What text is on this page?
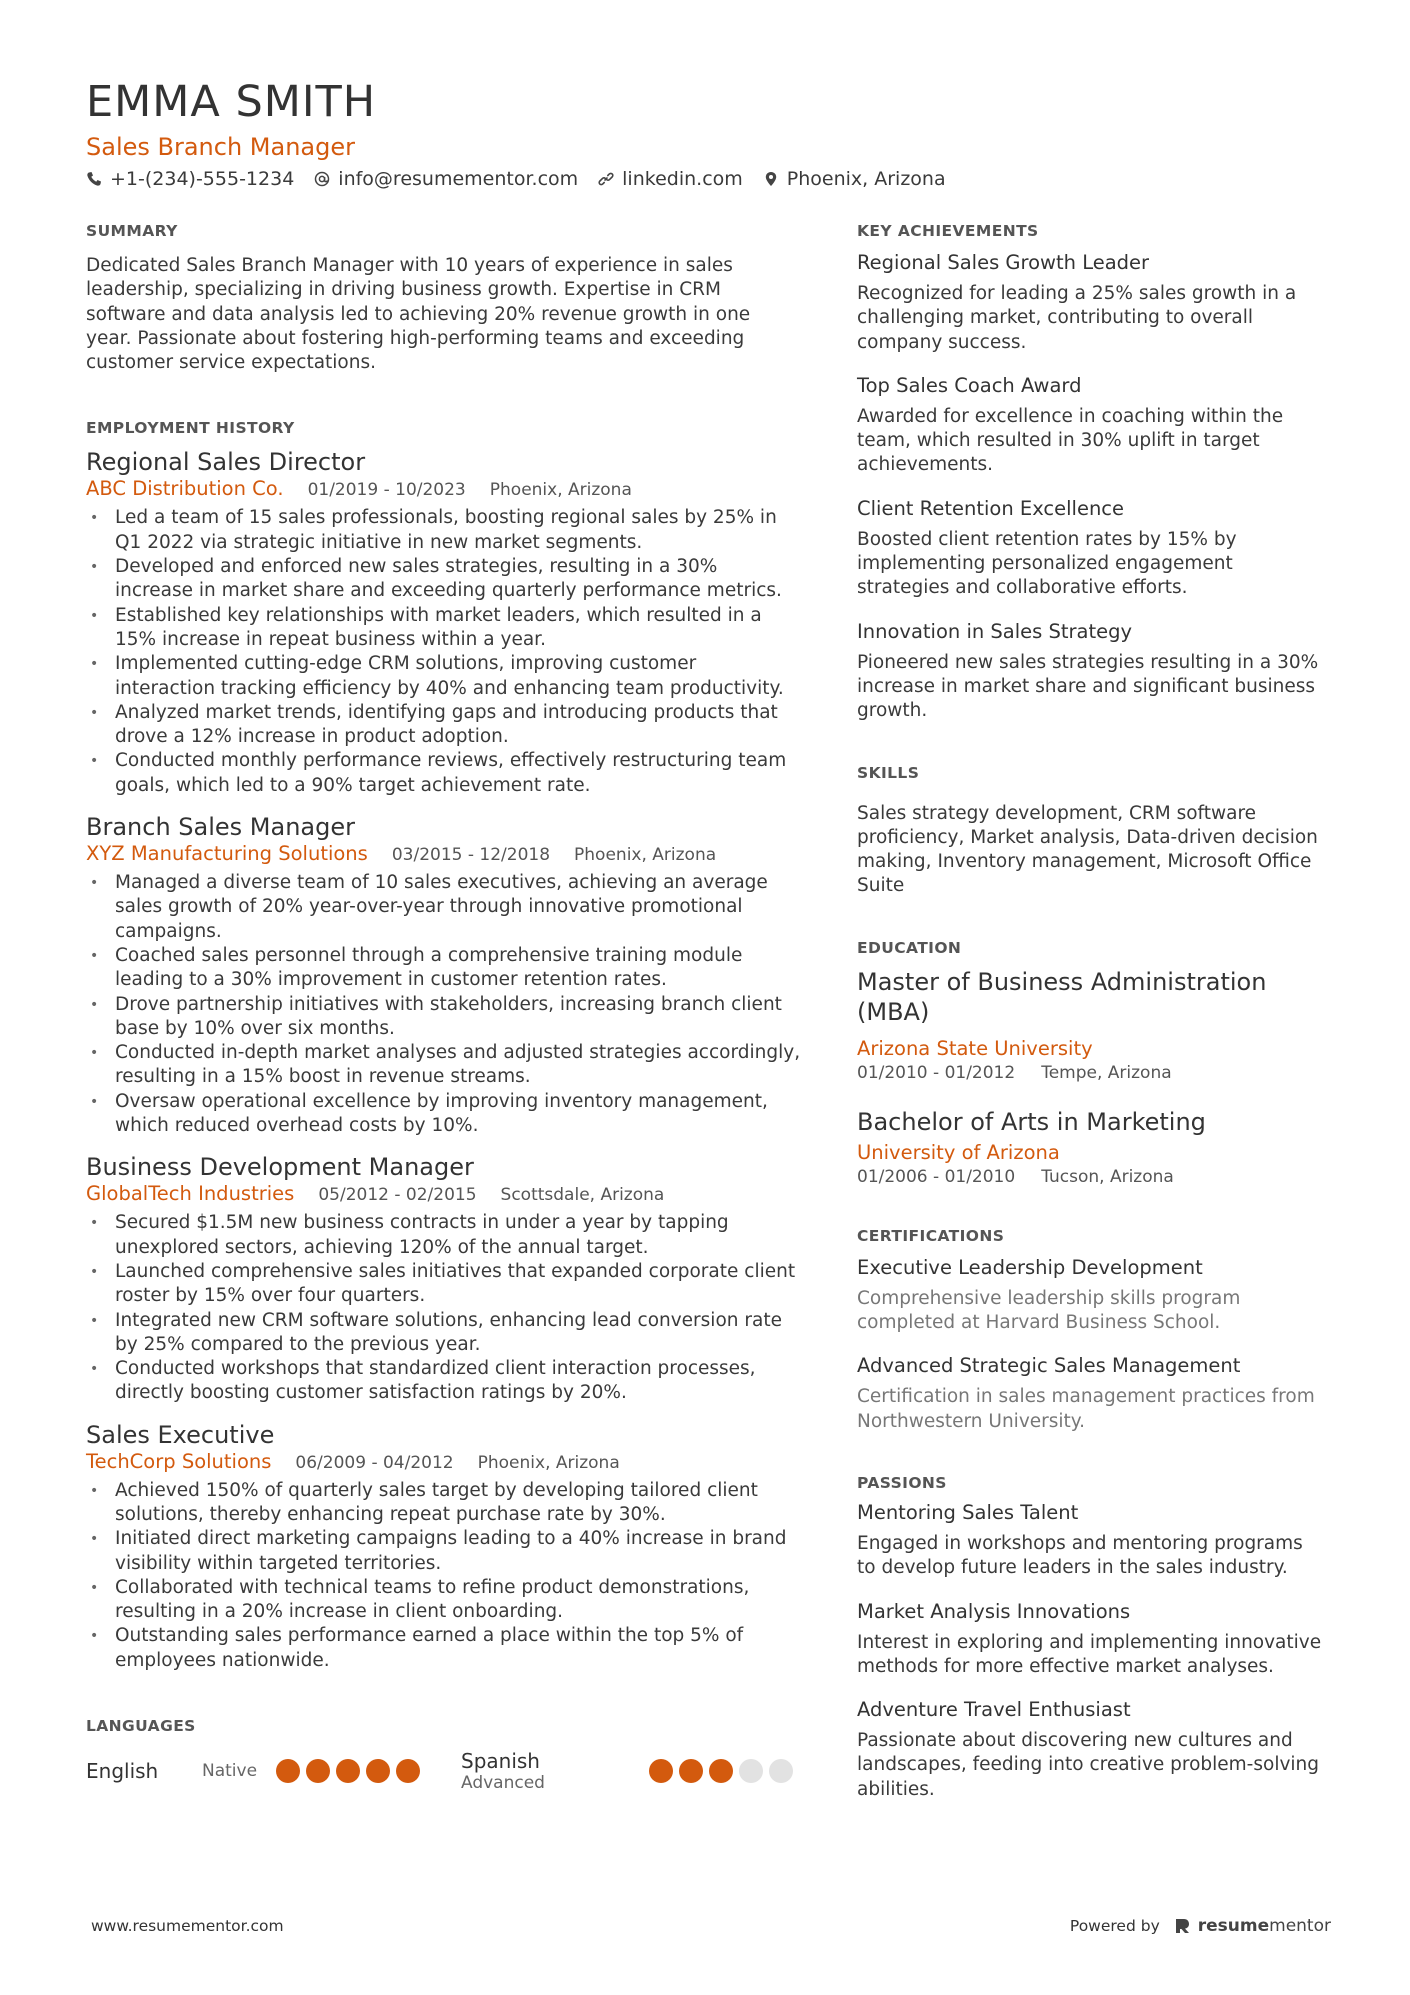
EMMA SMITH
Sales Branch Manager
+1-(234)-555-1234 info@resumementor.com linkedin.com Phoenix, Arizona
SUMMARY

Dedicated Sales Branch Manager with 10 years of experience in sales leadership, specializing in driving business growth. Expertise in CRM software and data analysis led to achieving 20% revenue growth in one year. Passionate about fostering high-performing teams and exceeding customer service expectations.

EMPLOYMENT HISTORY
Regional Sales Director
ABC Distribution Co. 01/2019 - 10/2023 Phoenix, Arizona
• Led a team of 15 sales professionals, boosting regional sales by 25% in Q1 2022 via strategic initiative in new market segments.
• Developed and enforced new sales strategies, resulting in a 30% increase in market share and exceeding quarterly performance metrics.
• Established key relationships with market leaders, which resulted in a 15% increase in repeat business within a year.
• Implemented cutting-edge CRM solutions, improving customer interaction tracking efficiency by 40% and enhancing team productivity.
• Analyzed market trends, identifying gaps and introducing products that drove a 12% increase in product adoption.
• Conducted monthly performance reviews, effectively restructuring team goals, which led to a 90% target achievement rate.
Branch Sales Manager
XYZ Manufacturing Solutions 03/2015 - 12/2018 Phoenix, Arizona
• Managed a diverse team of 10 sales executives, achieving an average sales growth of 20% year-over-year through innovative promotional campaigns.
• Coached sales personnel through a comprehensive training module leading to a 30% improvement in customer retention rates.
• Drove partnership initiatives with stakeholders, increasing branch client base by 10% over six months.
• Conducted in-depth market analyses and adjusted strategies accordingly, resulting in a 15% boost in revenue streams.
• Oversaw operational excellence by improving inventory management, which reduced overhead costs by 10%.
Business Development Manager
GlobalTech Industries 05/2012 - 02/2015 Scottsdale, Arizona
• Secured $1.5M new business contracts in under a year by tapping unexplored sectors, achieving 120% of the annual target.
• Launched comprehensive sales initiatives that expanded corporate client roster by 15% over four quarters.
• Integrated new CRM software solutions, enhancing lead conversion rate by 25% compared to the previous year.
• Conducted workshops that standardized client interaction processes, directly boosting customer satisfaction ratings by 20%.
Sales Executive
TechCorp Solutions 06/2009 - 04/2012 Phoenix, Arizona
• Achieved 150% of quarterly sales target by developing tailored client solutions, thereby enhancing repeat purchase rate by 30%.
• Initiated direct marketing campaigns leading to a 40% increase in brand visibility within targeted territories.
• Collaborated with technical teams to refine product demonstrations, resulting in a 20% increase in client onboarding.
• Outstanding sales performance earned a place within the top 5% of employees nationwide.
LANGUAGES
English	Native	Spanish
Advanced
KEY ACHIEVEMENTS
Regional Sales Growth Leader
Recognized for leading a 25% sales growth in a challenging market, contributing to overall company success.
Top Sales Coach Award
Awarded for excellence in coaching within the team, which resulted in 30% uplift in target achievements.
Client Retention Excellence
Boosted client retention rates by 15% by implementing personalized engagement strategies and collaborative efforts.
Innovation in Sales Strategy
Pioneered new sales strategies resulting in a 30% increase in market share and significant business growth.
SKILLS

Sales strategy development, CRM software proficiency, Market analysis, Data-driven decision making, Inventory management, Microsoft Office Suite

EDUCATION
Master of Business Administration (MBA)
Arizona State University
01/2010 - 01/2012 Tempe, Arizona
Bachelor of Arts in Marketing
University of Arizona
01/2006 - 01/2010 Tucson, Arizona
CERTIFICATIONS
Executive Leadership Development
Comprehensive leadership skills program completed at Harvard Business School.
Advanced Strategic Sales Management
Certification in sales management practices from Northwestern University.
PASSIONS
Mentoring Sales Talent
Engaged in workshops and mentoring programs to develop future leaders in the sales industry.
Market Analysis Innovations
Interest in exploring and implementing innovative methods for more effective market analyses.
Adventure Travel Enthusiast
Passionate about discovering new cultures and landscapes, feeding into creative problem-solving abilities.
www.resumementor.com	Powered by resume mentor
